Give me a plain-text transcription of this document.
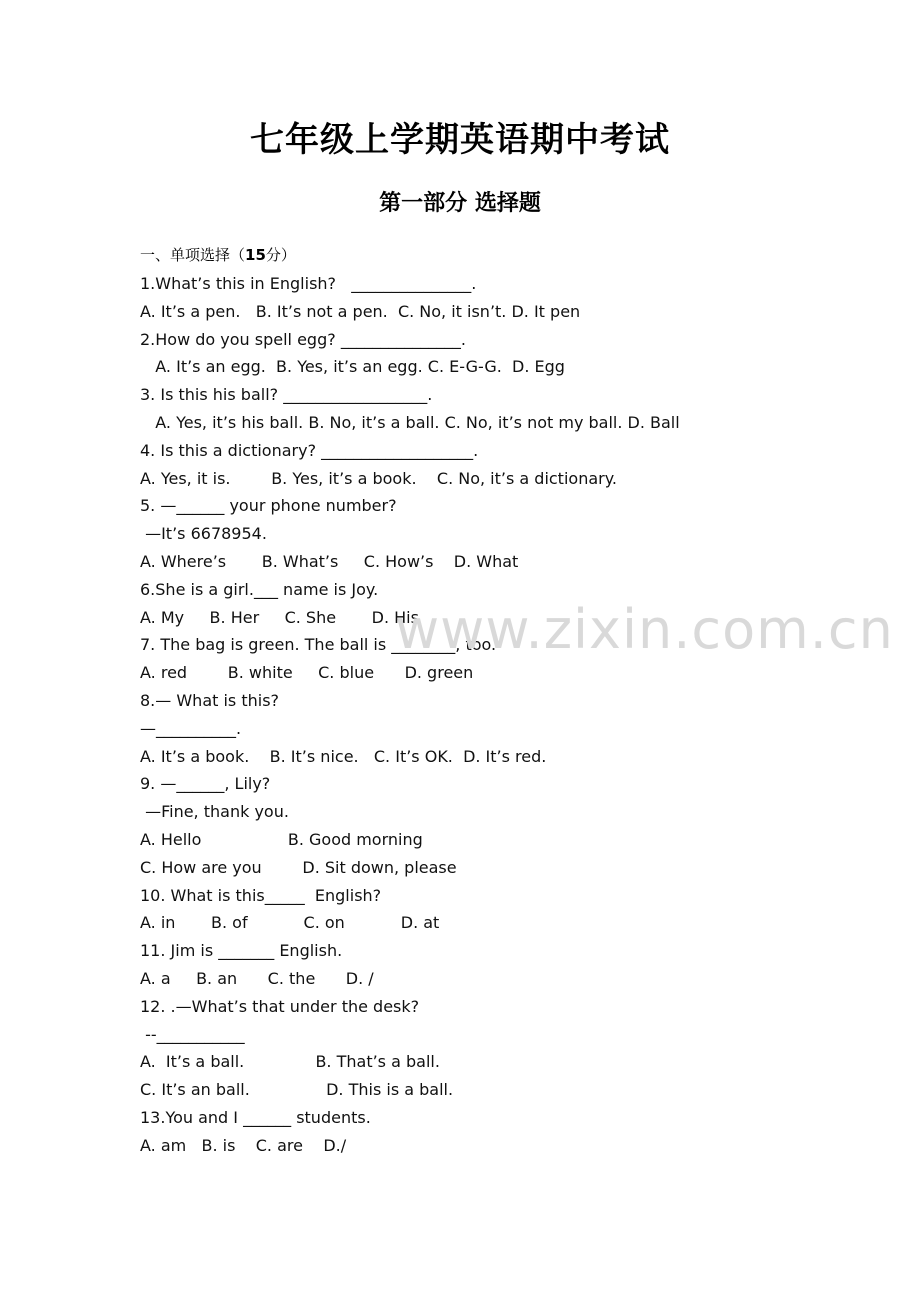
七年级上学期英语期中考试
第一部分 选择题
一、单项选择（15分）
1.What’s this in English?   _______________.
A. It’s a pen.   B. It’s not a pen.  C. No, it isn’t. D. It pen
2.How do you spell egg? _______________.
A. It’s an egg.  B. Yes, it’s an egg. C. E-G-G.  D. Egg
3. Is this his ball? __________________.
A. Yes, it’s his ball. B. No, it’s a ball. C. No, it’s not my ball. D. Ball
4. Is this a dictionary? ___________________.
A. Yes, it is.        B. Yes, it’s a book.    C. No, it’s a dictionary.
5. —______ your phone number?
—It’s 6678954.
A. Where’s       B. What’s     C. How’s    D. What
6.She is a girl.___ name is Joy.
A. My     B. Her     C. She       D. His
7. The bag is green. The ball is ________, too.
A. red        B. white     C. blue      D. green
8.— What is this?
—__________.
A. It’s a book.    B. It’s nice.   C. It’s OK.  D. It’s red.
9. —______, Lily?
—Fine, thank you.
A. Hello                 B. Good morning
C. How are you        D. Sit down, please
10. What is this_____  English?
A. in       B. of           C. on           D. at
11. Jim is _______ English.
A. a     B. an      C. the      D. /
12. .—What’s that under the desk?
--___________
A.  It’s a ball.              B. That’s a ball.
C. It’s an ball.               D. This is a ball.
13.You and I ______ students.
A. am   B. is    C. are    D./
www.zixin.com.cn
